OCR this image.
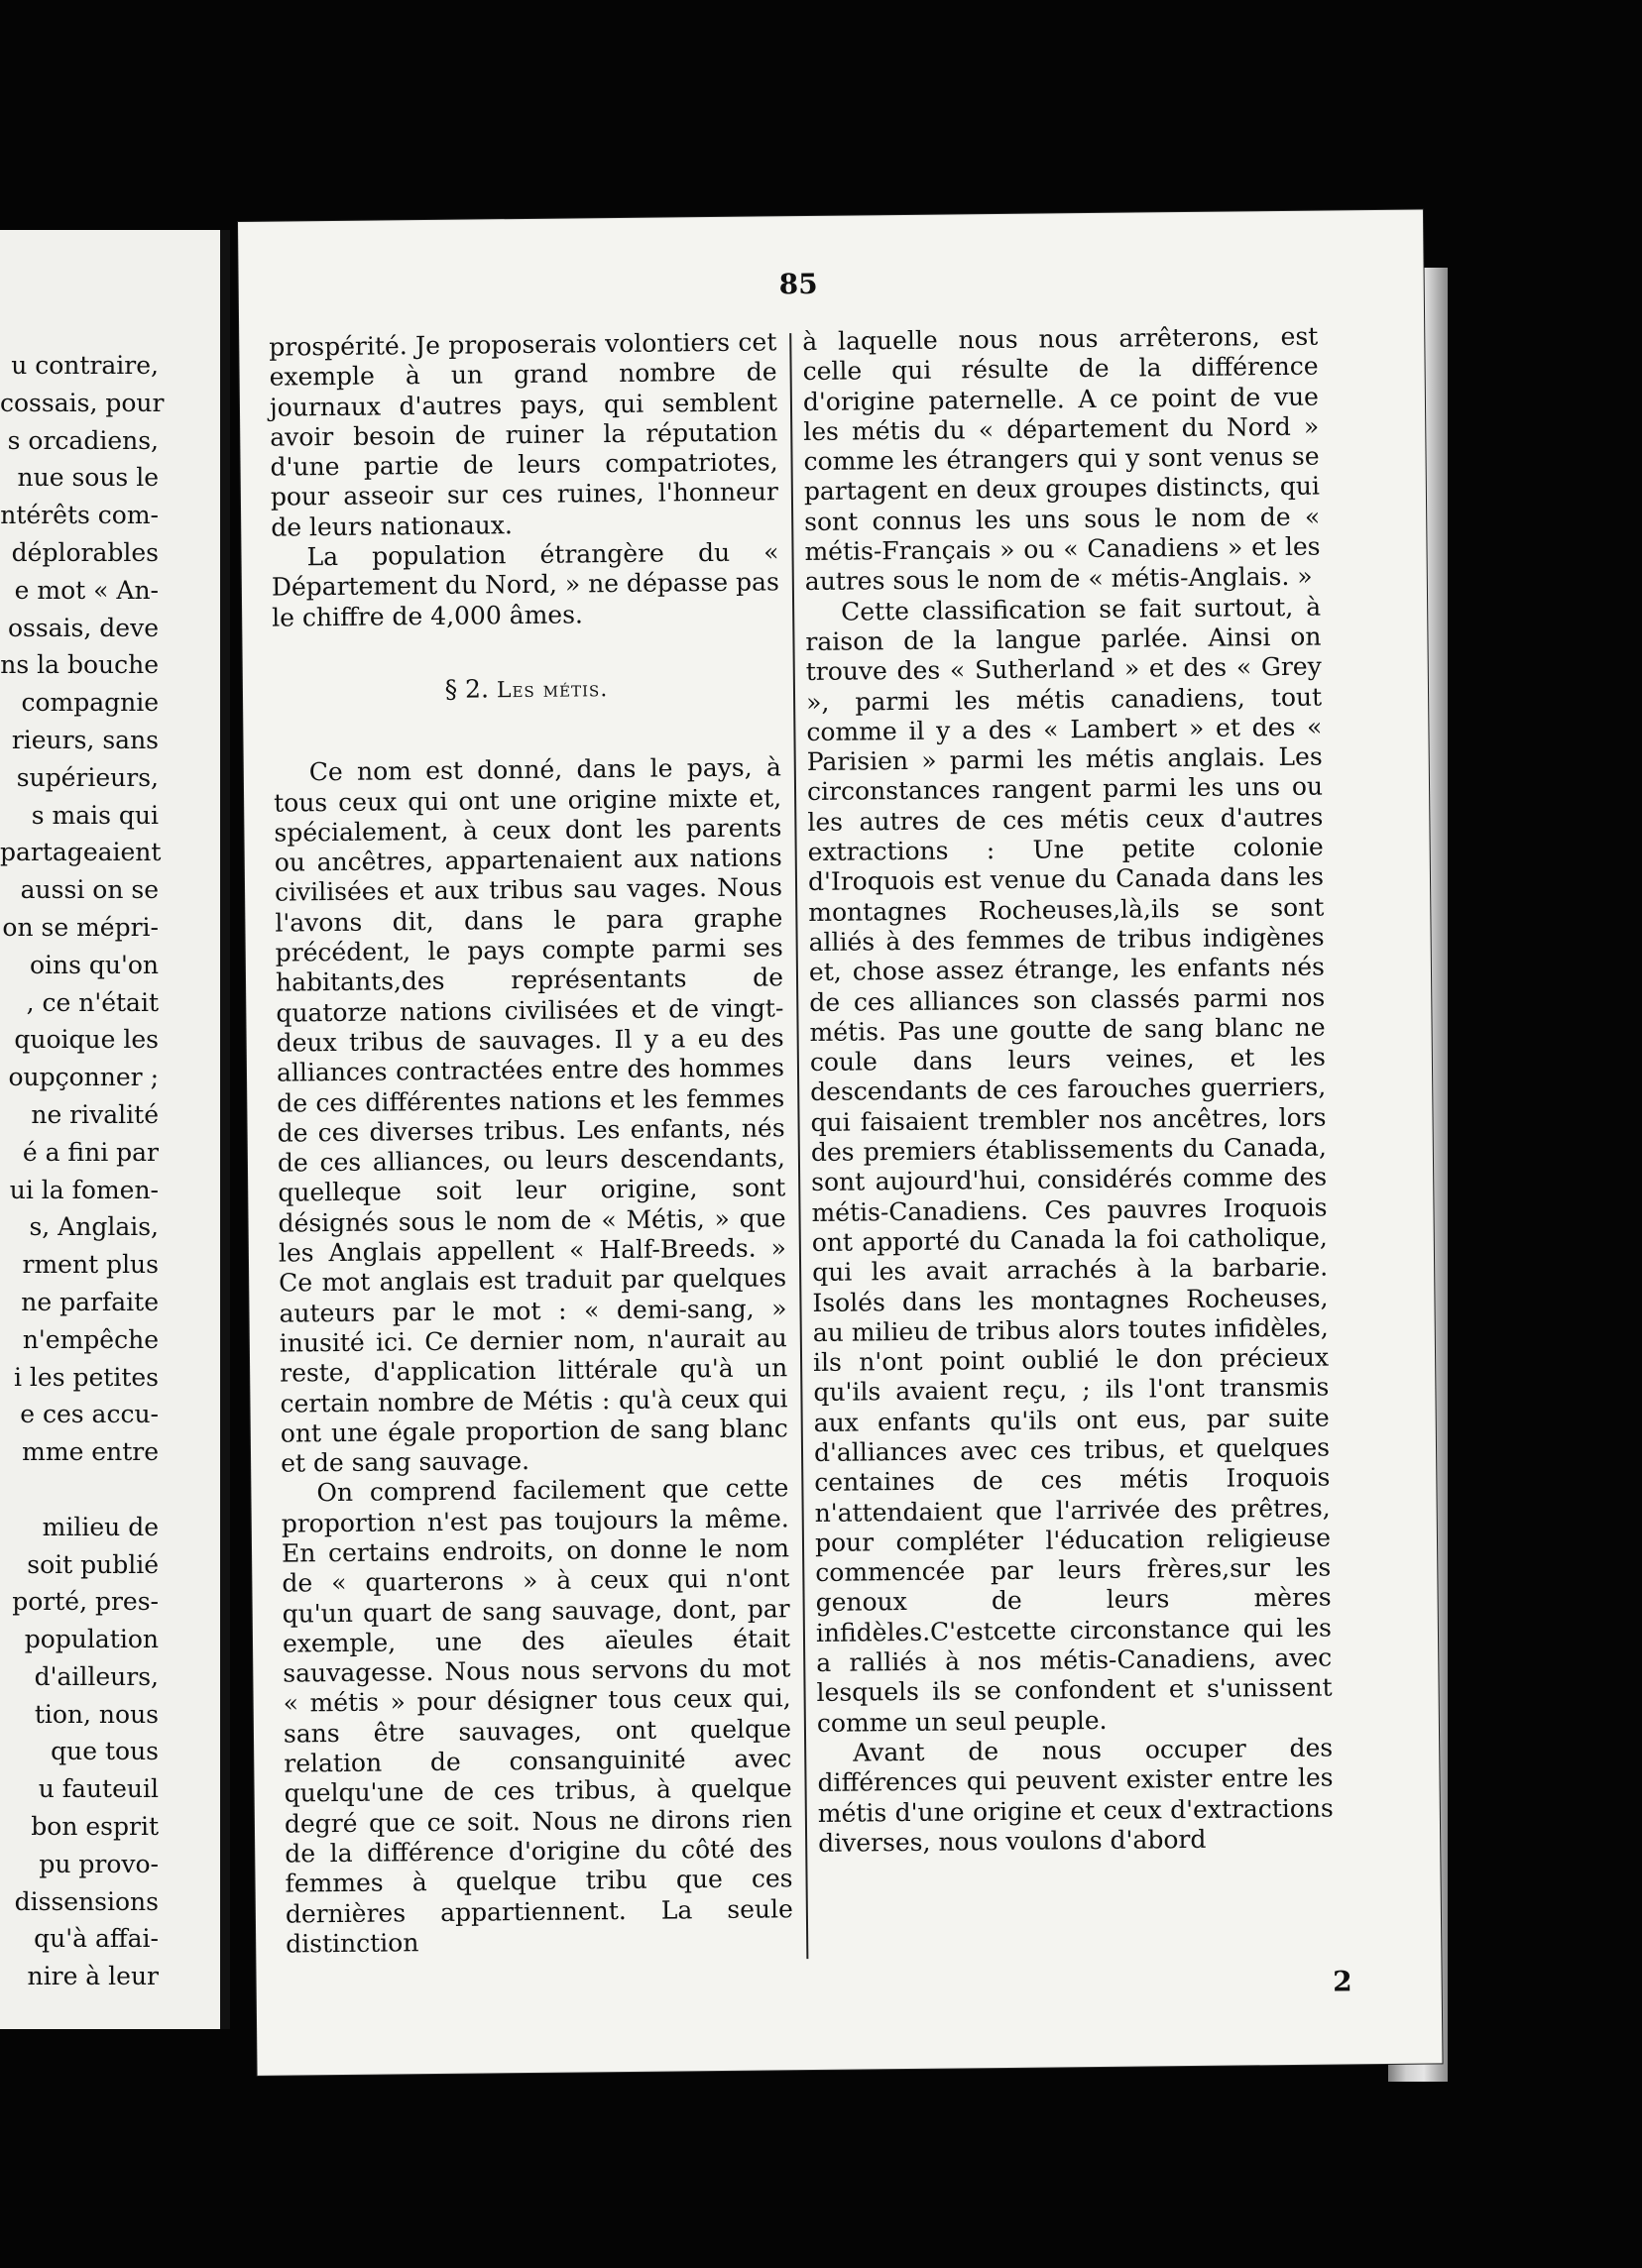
u contraire,
cossais, pour
s orcadiens,
nue sous le
ntérêts com-
déplorables
e mot « An-
ossais, deve
ns la bouche
compagnie
rieurs, sans
supérieurs,
s mais qui
partageaient
aussi on se
on se mépri-
oins qu'on
, ce n'était
quoique les
oupçonner ;
ne rivalité
é a fini par
ui la fomen-
s, Anglais,
rment plus
ne parfaite
n'empêche
i les petites
e ces accu-
mme entre
milieu de
soit publié
porté, pres-
population
d'ailleurs,
tion, nous
que tous
u fauteuil
bon esprit
pu provo-
dissensions
qu'à affai-
nire à leur
85

prospérité. Je proposerais volontiers cet exemple à un grand nombre de journaux d'autres pays, qui semblent avoir besoin de ruiner la réputation d'une partie de leurs compatriotes, pour asseoir sur ces ruines, l'honneur de leurs nationaux.

La population étrangère du « Département du Nord, » ne dépasse pas le chiffre de 4,000 âmes.

§ 2. Les métis.

Ce nom est donné, dans le pays, à tous ceux qui ont une origine mixte et, spécialement, à ceux dont les parents ou ancêtres, appartenaient aux nations civilisées et aux tribus sau vages. Nous l'avons dit, dans le para graphe précédent, le pays compte parmi ses habitants,des représentants de quatorze nations civilisées et de vingt-deux tribus de sauvages. Il y a eu des alliances contractées entre des hommes de ces différentes nations et les femmes de ces diverses tribus. Les enfants, nés de ces alliances, ou leurs descendants, quelleque soit leur origine, sont désignés sous le nom de « Métis, » que les Anglais appellent « Half-Breeds. » Ce mot anglais est traduit par quelques auteurs par le mot : « demi-sang, » inusité ici. Ce dernier nom, n'aurait au reste, d'application littérale qu'à un certain nombre de Métis : qu'à ceux qui ont une égale proportion de sang blanc et de sang sauvage.

On comprend facilement que cette proportion n'est pas toujours la même. En certains endroits, on donne le nom de « quarterons » à ceux qui n'ont qu'un quart de sang sauvage, dont, par exemple, une des aïeules était sauvagesse. Nous nous servons du mot « métis » pour désigner tous ceux qui, sans être sauvages, ont quelque relation de consanguinité avec quelqu'une de ces tribus, à quelque degré que ce soit. Nous ne dirons rien de la différence d'origine du côté des femmes à quelque tribu que ces dernières appartiennent. La seule distinction

à laquelle nous nous arrêterons, est celle qui résulte de la différence d'origine paternelle. A ce point de vue les métis du « département du Nord » comme les étrangers qui y sont venus se partagent en deux groupes distincts, qui sont connus les uns sous le nom de « métis-Français » ou « Canadiens » et les autres sous le nom de « métis-Anglais. »

Cette classification se fait surtout, à raison de la langue parlée. Ainsi on trouve des « Sutherland » et des « Grey », parmi les métis canadiens, tout comme il y a des « Lambert » et des « Parisien » parmi les métis anglais. Les circonstances rangent parmi les uns ou les autres de ces métis ceux d'autres extractions : Une petite colonie d'Iroquois est venue du Canada dans les montagnes Rocheuses,là,ils se sont alliés à des femmes de tribus indigènes et, chose assez étrange, les enfants nés de ces alliances son classés parmi nos métis. Pas une goutte de sang blanc ne coule dans leurs veines, et les descendants de ces farouches guerriers, qui faisaient trembler nos ancêtres, lors des premiers établissements du Canada, sont aujourd'hui, considérés comme des métis-Canadiens. Ces pauvres Iroquois ont apporté du Canada la foi catholique, qui les avait arrachés à la barbarie. Isolés dans les montagnes Rocheuses, au milieu de tribus alors toutes infidèles, ils n'ont point oublié le don précieux qu'ils avaient reçu, ; ils l'ont transmis aux enfants qu'ils ont eus, par suite d'alliances avec ces tribus, et quelques centaines de ces métis Iroquois n'attendaient que l'arrivée des prêtres, pour compléter l'éducation religieuse commencée par leurs frères,sur les genoux de leurs mères infidèles.C'estcette circonstance qui les a ralliés à nos métis-Canadiens, avec lesquels ils se confondent et s'unissent comme un seul peuple.

Avant de nous occuper des différences qui peuvent exister entre les métis d'une origine et ceux d'extractions diverses, nous voulons d'abord

2
